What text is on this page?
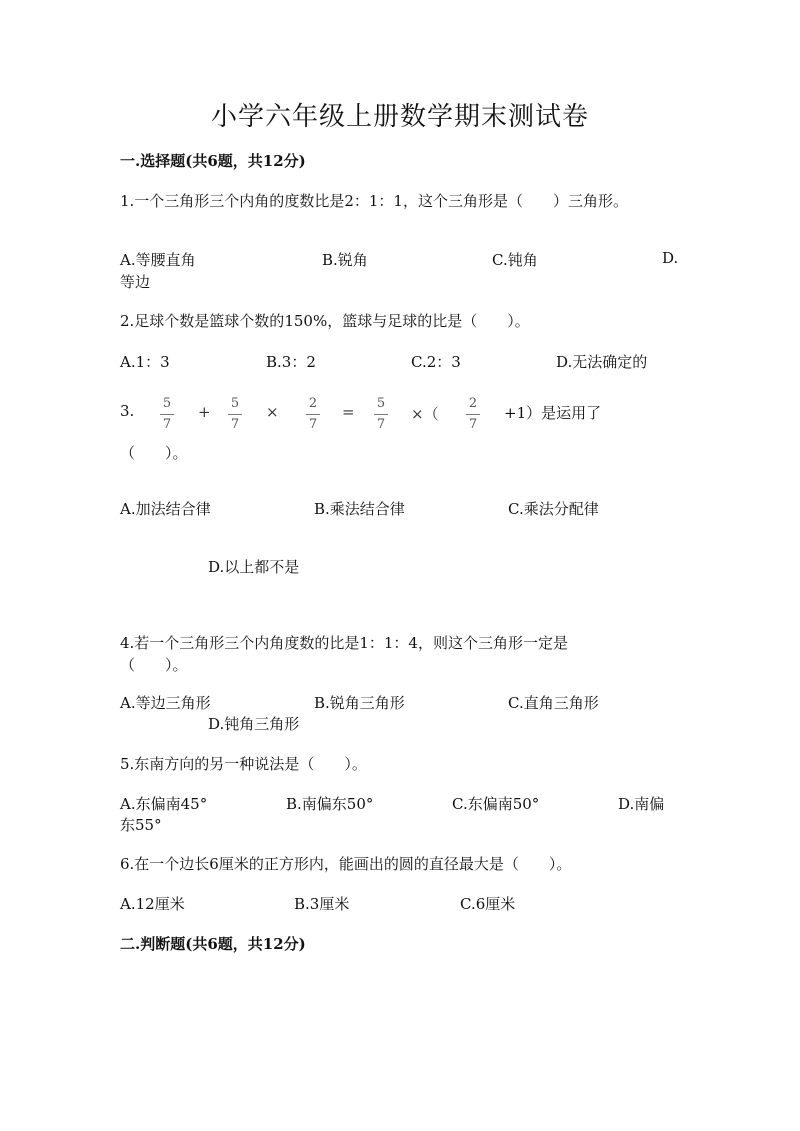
小学六年级上册数学期末测试卷
一.选择题(共6题，共12分)
1.一个三角形三个内角的度数比是2：1：1，这个三角形是（　　）三角形。
A.等腰直角	B.锐角	C.钝角	D.
等边
2.足球个数是篮球个数的150%，篮球与足球的比是（　　）。
A.1：3	B.3：2	C.2：3	D.无法确定的
3.	5
7
+	5
7
×	2
7
=	5
7
×（
2
7
+1）是运用了
（　　）。
A.加法结合律	B.乘法结合律	C.乘法分配律
D.以上都不是
4.若一个三角形三个内角度数的比是1：1：4，则这个三角形一定是
（　　）。
A.等边三角形	B.锐角三角形	C.直角三角形
D.钝角三角形
5.东南方向的另一种说法是（　　）。
A.东偏南45°	B.南偏东50°	C.东偏南50°	D.南偏
东55°
6.在一个边长6厘米的正方形内，能画出的圆的直径最大是（　　）。
A.12厘米	B.3厘米	C.6厘米
二.判断题(共6题，共12分)
